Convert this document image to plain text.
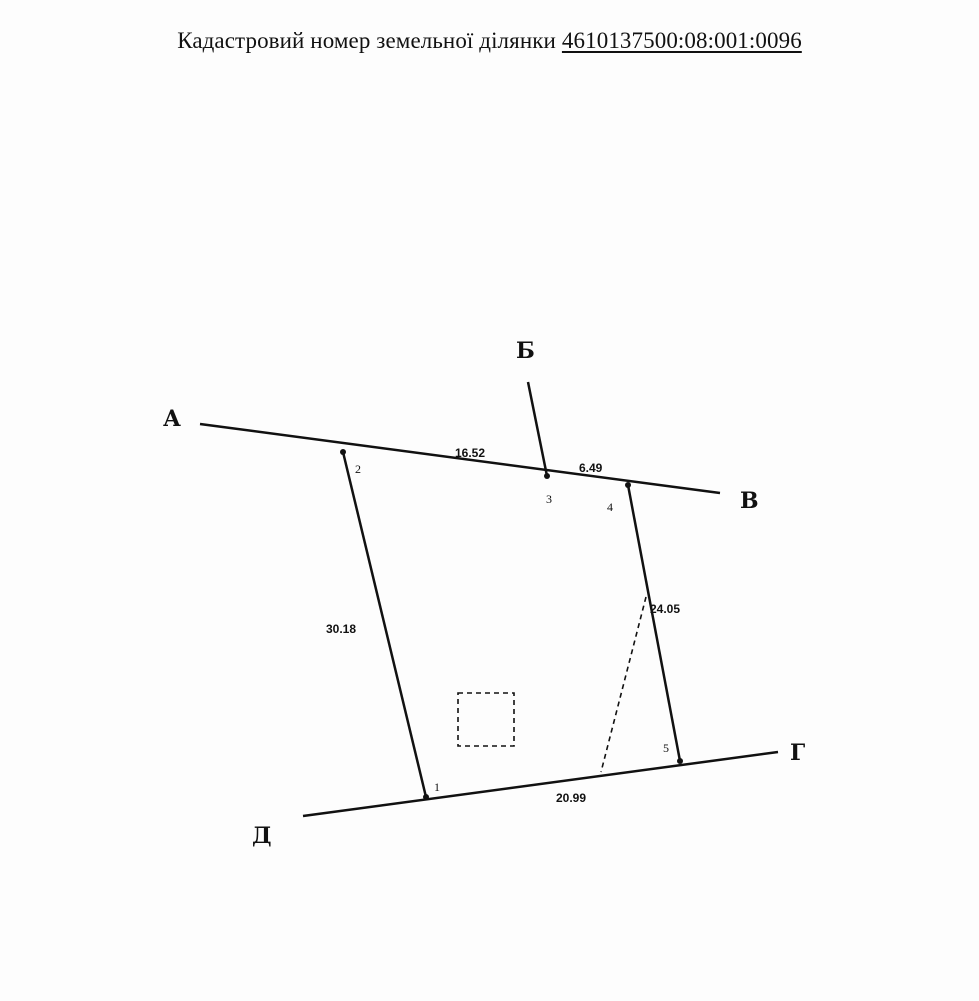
Кадастровий номер земельної ділянки 4610137500:08:001:0096
А
Б
В
Г
Д
1
2
3
4
5
16.52
6.49
24.05
20.99
30.18
